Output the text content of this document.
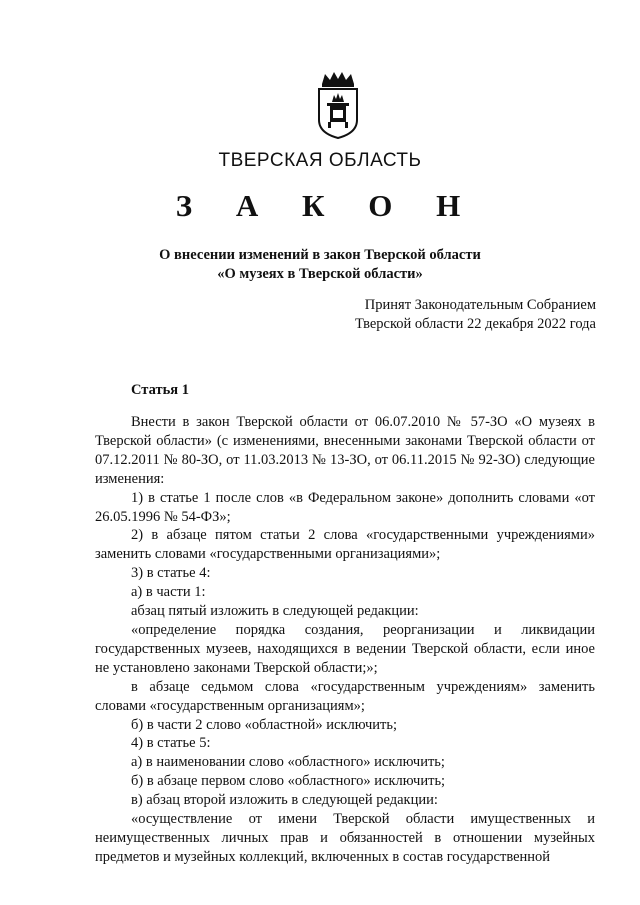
ТВЕРСКАЯ ОБЛАСТЬ
З А К О Н
О внесении изменений в закон Тверской области
«О музеях в Тверской области»
Принят Законодательным Собранием
Тверской области 22 декабря 2022 года
Статья 1

Внести в закон Тверской области от 06.07.2010 № 57-ЗО «О музеях в Тверской области» (с изменениями, внесенными законами Тверской области от 07.12.2011 № 80-ЗО, от 11.03.2013 № 13-ЗО, от 06.11.2015 № 92-ЗО) следующие изменения:

1) в статье 1 после слов «в Федеральном законе» дополнить словами «от 26.05.1996 № 54-ФЗ»;

2) в абзаце пятом статьи 2 слова «государственными учреждениями» заменить словами «государственными организациями»;

3) в статье 4:

а) в части 1:

абзац пятый изложить в следующей редакции:

«определение порядка создания, реорганизации и ликвидации государственных музеев, находящихся в ведении Тверской области, если иное не установлено законами Тверской области;»;

в абзаце седьмом слова «государственным учреждениям» заменить словами «государственным организациям»;

б) в части 2 слово «областной» исключить;

4) в статье 5:

а) в наименовании слово «областного» исключить;

б) в абзаце первом слово «областного» исключить;

в) абзац второй изложить в следующей редакции:

«осуществление от имени Тверской области имущественных и неимущественных личных прав и обязанностей в отношении музейных предметов и музейных коллекций, включенных в состав государственной
